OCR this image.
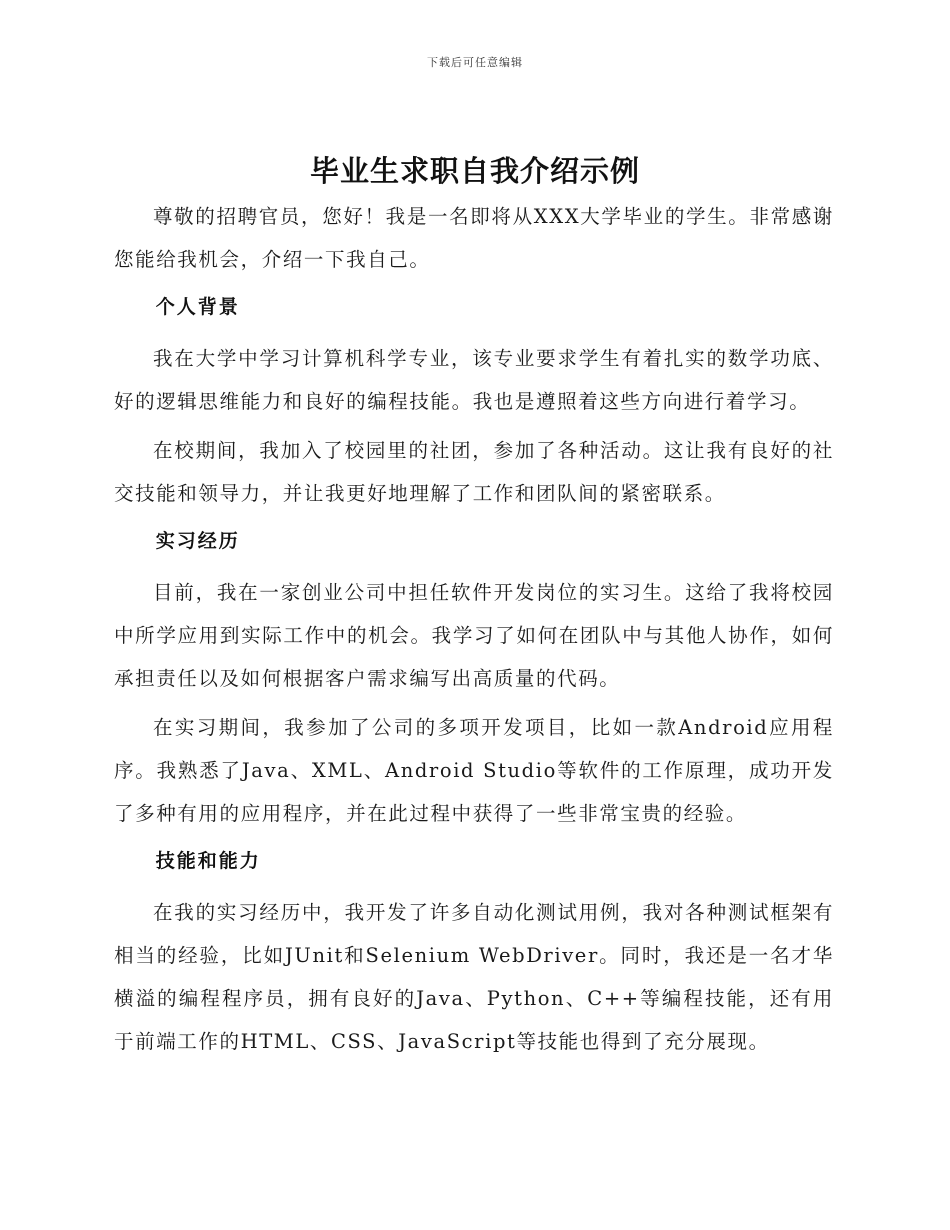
下载后可任意编辑
毕业生求职自我介绍示例

尊敬的招聘官员，您好！我是一名即将从XXX大学毕业的学生。非常感谢您能给我机会，介绍一下我自己。

个人背景

我在大学中学习计算机科学专业，该专业要求学生有着扎实的数学功底、好的逻辑思维能力和良好的编程技能。我也是遵照着这些方向进行着学习。

在校期间，我加入了校园里的社团，参加了各种活动。这让我有良好的社交技能和领导力，并让我更好地理解了工作和团队间的紧密联系。

实习经历

目前，我在一家创业公司中担任软件开发岗位的实习生。这给了我将校园中所学应用到实际工作中的机会。我学习了如何在团队中与其他人协作，如何承担责任以及如何根据客户需求编写出高质量的代码。

在实习期间，我参加了公司的多项开发项目，比如一款Android应用程序。我熟悉了Java、XML、Android Studio等软件的工作原理，成功开发了多种有用的应用程序，并在此过程中获得了一些非常宝贵的经验。

技能和能力

在我的实习经历中，我开发了许多自动化测试用例，我对各种测试框架有相当的经验，比如JUnit和Selenium WebDriver。同时，我还是一名才华横溢的编程程序员，拥有良好的Java、Python、C++等编程技能，还有用于前端工作的HTML、CSS、JavaScript等技能也得到了充分展现。
